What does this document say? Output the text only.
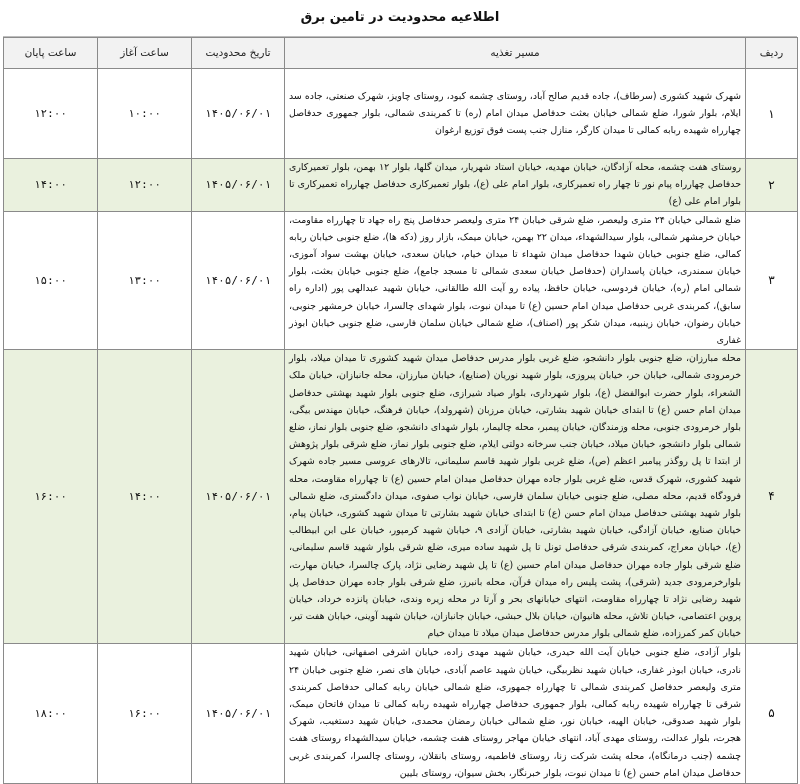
اطلاعیه محدودیت در تامین برق
ردیف	مسیر تغذیه	تاریخ محدودیت	ساعت آغاز	ساعت پایان
۱	شهرک شهید کشوری (سرطاف)، جاده قدیم صالح آباد، روستای چشمه کبود، روستای چاویز، شهرک صنعتی، جاده سد ایلام، بلوار شورا، ضلع شمالی خیابان بعثت حدفاصل میدان امام (ره) تا کمربندی شمالی، بلوار جمهوری حدفاصل چهارراه شهیده ربابه کمالی تا میدان کارگر، منازل جنب پست فوق توزیع ارغوان	۱۴۰۵/۰۶/۰۱	۱۰:۰۰	۱۲:۰۰
۲	روستای هفت چشمه، محله آزادگان، خیابان مهدیه، خیابان استاد شهریار، میدان گلها، بلوار ۱۲ بهمن، بلوار تعمیرکاری حدفاصل چهارراه پیام نور تا چهار راه تعمیرکاری، بلوار امام علی (ع)، بلوار تعمیرکاری حدفاصل چهارراه تعمیرکاری تا بلوار امام علی (ع)	۱۴۰۵/۰۶/۰۱	۱۲:۰۰	۱۴:۰۰
۳	ضلع شمالی خیابان ۲۴ متری ولیعصر، ضلع شرقی خیابان ۲۴ متری ولیعصر حدفاصل پنج راه جهاد تا چهارراه مقاومت، خیابان خرمشهر شمالی، بلوار سیدالشهداء، میدان ۲۲ بهمن، خیابان میمک، بازار روز (دکه ها)، ضلع جنوبی خیابان ربابه کمالی، ضلع جنوبی خیابان شهدا حدفاصل میدان شهداء تا میدان خیام، خیابان سعدی، خیابان بهشت سواد آموزی، خیابان سمندری، خیابان پاسداران (حدفاصل خیابان سعدی شمالی تا مسجد جامع)، ضلع جنوبی خیابان بعثت، بلوار شمالی امام (ره)، خیابان فردوسی، خیابان حافظ، پیاده رو آیت الله طالقانی، خیابان شهید عبدالهی پور (اداره راه سابق)، کمربندی غربی حدفاصل میدان امام حسین (ع) تا میدان نبوت، بلوار شهدای چالسرا، خیابان خرمشهر جنوبی، خیابان رضوان، خیابان زینبیه، میدان شکر پور (اصناف)، ضلع شمالی خیابان سلمان فارسی، ضلع جنوبی خیابان ابوذر غفاری	۱۴۰۵/۰۶/۰۱	۱۳:۰۰	۱۵:۰۰
۴	محله مبارزان، ضلع جنوبی بلوار دانشجو، ضلع غربی بلوار مدرس حدفاصل میدان شهید کشوری تا میدان میلاد، بلوار خرمرودی شمالی، خیابان حر، خیابان پیروزی، بلوار شهید نوریان (صنایع)، خیابان مبارزان، محله جانبازان، خیابان ملک الشعراء، بلوار حضرت ابوالفضل (ع)، بلوار شهرداری، بلوار صیاد شیرازی، ضلع جنوبی بلوار شهید بهشتی حدفاصل میدان امام حسن (ع) تا ابتدای خیابان شهید بشارتی، خیابان مرزبان (شهرولد)، خیابان فرهنگ، خیابان مهندس بیگی، بلوار خرمرودی جنوبی، محله وزمندگان، خیابان پیمبر، محله چالیمار، بلوار شهدای دانشجو، ضلع جنوبی بلوار نماز، ضلع شمالی بلوار دانشجو، خیابان میلاد، خیابان جنب سرخانه دولتی ایلام، ضلع جنوبی بلوار نماز، ضلع شرقی بلوار پژوهش از ابتدا تا پل روگذر پیامبر اعظم (ص)، ضلع غربی بلوار شهید قاسم سلیمانی، تالارهای عروسی مسیر جاده شهرک شهید کشوری، شهرک قدس، ضلع غربی بلوار جاده مهران حدفاصل میدان امام حسین (ع) تا چهارراه مقاومت، محله فرودگاه قدیم، محله مصلی، ضلع جنوبی خیابان سلمان فارسی، خیابان نواب صفوی، میدان دادگستری، ضلع شمالی بلوار شهید بهشتی حدفاصل میدان امام حسن (ع) تا ابتدای خیابان شهید بشارتی تا میدان شهید کشوری، خیابان پیام، خیابان صنایع، خیابان آزادگی، خیابان شهید بشارتی، خیابان آزادی ۹، خیابان شهید کرمپور، خیابان علی ابن ابیطالب (ع)، خیابان معراج، کمربندی شرقی حدفاصل تونل تا پل شهید ساده میری، ضلع شرقی بلوار شهید قاسم سلیمانی، ضلع شرقی بلوار جاده مهران حدفاصل میدان امام حسین (ع) تا پل شهید رضایی نژاد، پارک چالسرا، خیابان مهارت، بلوارخرمرودی جدید (شرقی)، پشت پلیس راه میدان قرآن، محله بانبرز، ضلع شرقی بلوار جاده مهران حدفاصل پل شهید رضایی نژاد تا چهارراه مقاومت، انتهای خیابانهای بحر و آرتا در محله زیره وندی، خیابان پانزده خرداد، خیابان پروین اعتصامی، خیابان تلاش، محله هانیوان، خیابان بلال حبشی، خیابان جانبازان، خیابان شهید آوینی، خیابان هفت تیر، خیابان کمر کمرزاده، ضلع شمالی بلوار مدرس حدفاصل میدان میلاد تا میدان خیام	۱۴۰۵/۰۶/۰۱	۱۴:۰۰	۱۶:۰۰
۵	بلوار آزادی، ضلع جنوبی خیابان آیت الله حیدری، خیابان شهید مهدی زاده، خیابان اشرفی اصفهانی، خیابان شهید نادری، خیابان ابوذر غفاری، خیابان شهید نظربیگی، خیابان شهید عاصم آبادی، خیابان های نصر، ضلع جنوبی خیابان ۲۴ متری ولیعصر حدفاصل کمربندی شمالی تا چهارراه جمهوری، ضلع شمالی خیابان ربابه کمالی حدفاصل کمربندی شرقی تا چهارراه شهیده ربابه کمالی، بلوار جمهوری حدفاصل چهارراه شهیده ربابه کمالی تا میدان فاتحان میمک، بلوار شهید صدوقی، خیابان الهیه، خیابان نور، ضلع شمالی خیابان رمضان محمدی، خیابان شهید دستغیب، شهرک هجرت، بلوار عدالت، روستای مهدی آباد، انتهای خیابان مهاجر روستای هفت چشمه، خیابان سیدالشهداء روستای هفت چشمه (جنب درمانگاه)، محله پشت شرکت زنا، روستای فاطمیه، روستای بانقلان، روستای چالسرا، کمربندی غربی حدفاصل میدان امام حسن (ع) تا میدان نبوت، بلوار خبرنگار، بخش سیوان، روستای بلیین	۱۴۰۵/۰۶/۰۱	۱۶:۰۰	۱۸:۰۰
